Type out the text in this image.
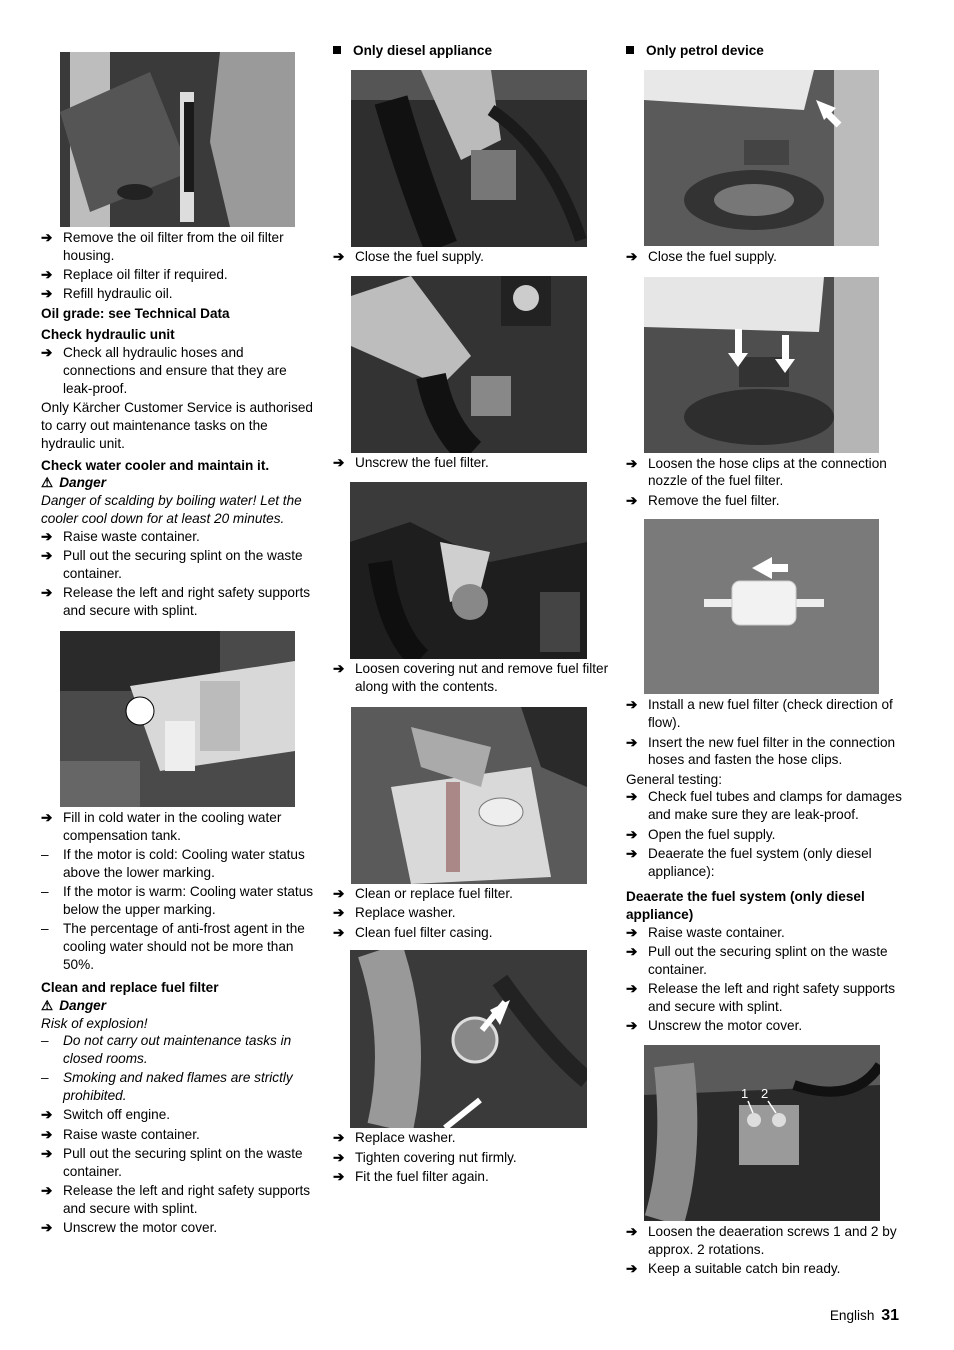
➔ Remove the oil filter from the oil filter housing.
➔ Replace oil filter if required.
➔ Refill hydraulic oil.

Oil grade: see Technical Data

Check hydraulic unit

➔ Check all hydraulic hoses and connections and ensure that they are leak-proof.

Only Kärcher Customer Service is authorised to carry out maintenance tasks on the hydraulic unit.

Check water cooler and maintain it.

⚠ Danger

Danger of scalding by boiling water! Let the cooler cool down for at least 20 minutes.

➔ Raise waste container.
➔ Pull out the securing splint on the waste container.
➔ Release the left and right safety supports and secure with splint.
➔ Fill in cold water in the cooling water compensation tank.
– If the motor is cold: Cooling water status above the lower marking.
– If the motor is warm: Cooling water status below the upper marking.
– The percentage of anti-frost agent in the cooling water should not be more than 50%.

Clean and replace fuel filter

⚠ Danger

Risk of explosion!

– Do not carry out maintenance tasks in closed rooms.
– Smoking and naked flames are strictly prohibited.
➔ Switch off engine.
➔ Raise waste container.
➔ Pull out the securing splint on the waste container.
➔ Release the left and right safety supports and secure with splint.
➔ Unscrew the motor cover.

Only diesel appliance

➔ Close the fuel supply.
➔ Unscrew the fuel filter.
➔ Loosen covering nut and remove fuel filter along with the contents.
➔ Clean or replace fuel filter.
➔ Replace washer.
➔ Clean fuel filter casing.
➔ Replace washer.
➔ Tighten covering nut firmly.
➔ Fit the fuel filter again.

Only petrol device

➔ Close the fuel supply.
➔ Loosen the hose clips at the connection nozzle of the fuel filter.
➔ Remove the fuel filter.
➔ Install a new fuel filter (check direction of flow).
➔ Insert the new fuel filter in the connection hoses and fasten the hose clips.

General testing:

➔ Check fuel tubes and clamps for damages and make sure they are leak-proof.
➔ Open the fuel supply.
➔ Deaerate the fuel system (only diesel appliance):

Deaerate the fuel system (only diesel appliance)

➔ Raise waste container.
➔ Pull out the securing splint on the waste container.
➔ Release the left and right safety supports and secure with splint.
➔ Unscrew the motor cover.
1 2
➔ Loosen the deaeration screws 1 and 2 by approx. 2 rotations.
➔ Keep a suitable catch bin ready.
English 31
